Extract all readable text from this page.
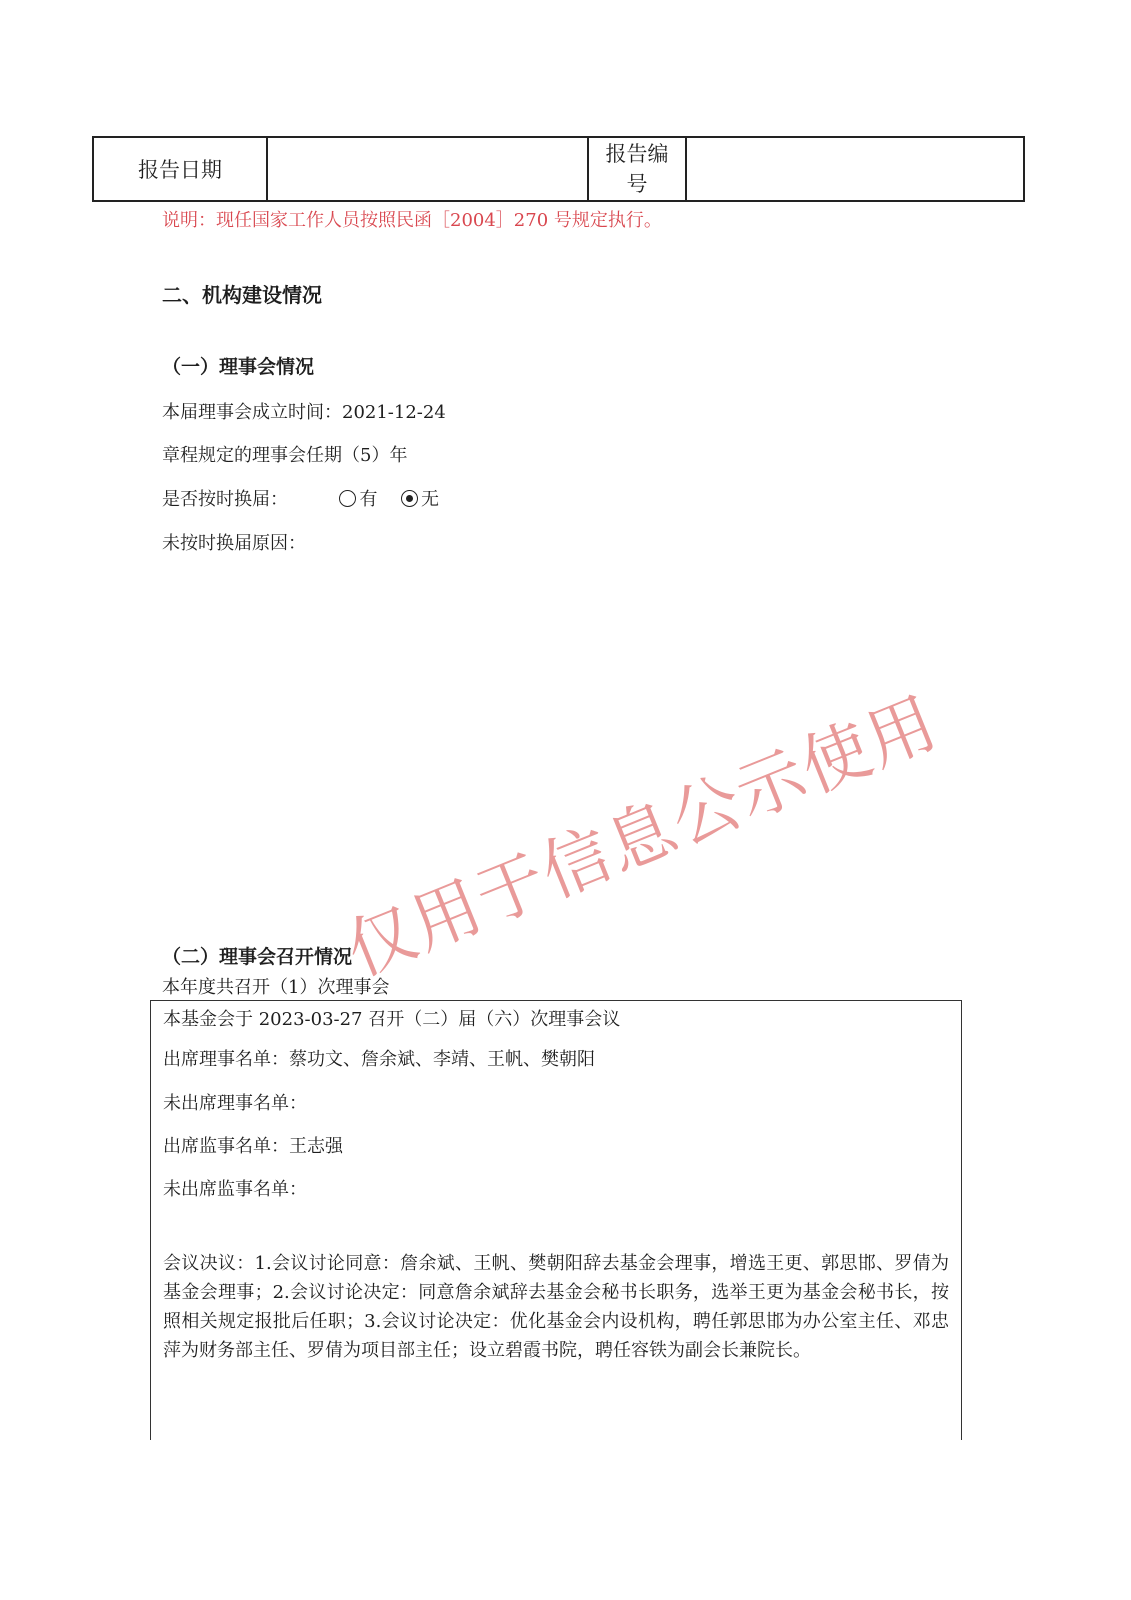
报告日期		报告编号	
说明：现任国家工作人员按照民函［2004］270 号规定执行。
二、机构建设情况
（一）理事会情况
本届理事会成立时间：2021-12-24
章程规定的理事会任期（5）年
是否按时换届：	有 无
未按时换届原因：
（二）理事会召开情况
本年度共召开（1）次理事会
本基金会于 2023-03-27 召开（二）届（六）次理事会议
出席理事名单：蔡功文、詹余斌、李靖、王帆、樊朝阳
未出席理事名单：
出席监事名单：王志强
未出席监事名单：
会议决议：1.会议讨论同意：詹余斌、王帆、樊朝阳辞去基金会理事，增选王更、郭思邯、罗倩为基金会理事；2.会议讨论决定：同意詹余斌辞去基金会秘书长职务，选举王更为基金会秘书长，按照相关规定报批后任职；3.会议讨论决定：优化基金会内设机构，聘任郭思邯为办公室主任、邓忠萍为财务部主任、罗倩为项目部主任；设立碧霞书院，聘任容铁为副会长兼院长。
仅用于信息公示使用
